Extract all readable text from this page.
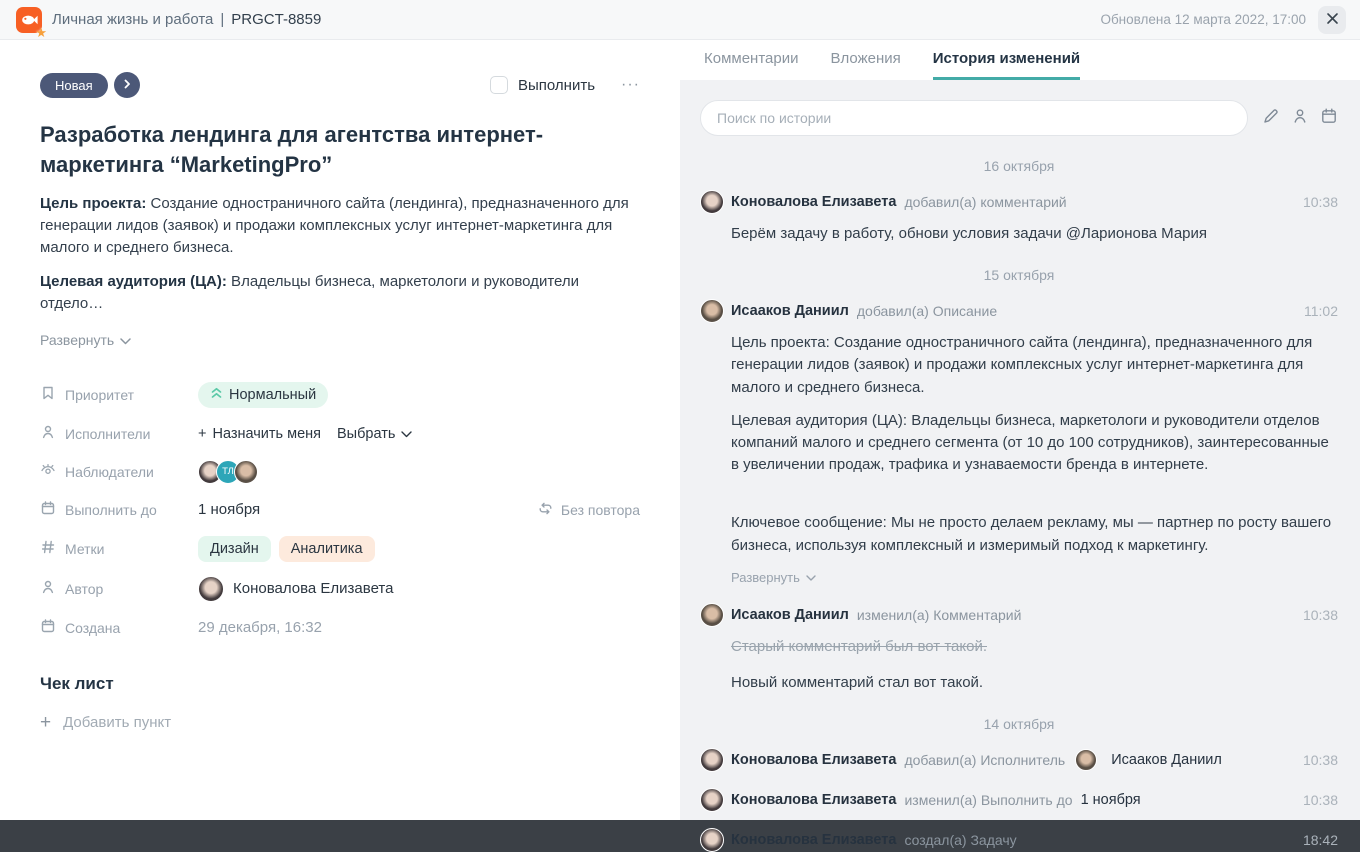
★
Личная жизнь и работа | PRGCT-8859	Обновлена 12 марта 2022, 17:00
Новая	Выполнить ···
Разработка лендинга для агентства интернет-маркетинга “MarketingPro”

Цель проекта: Создание одностраничного сайта (лендинга), предназначенного для генерации лидов (заявок) и продажи комплексных услуг интернет-маркетинга для малого и среднего бизнеса.

Целевая аудитория (ЦА): Владельцы бизнеса, маркетологи и руководители отдело…

Развернуть
Приоритет	Нормальный
Исполнители	+ Назначить меня Выбрать
Наблюдатели	ТЛ
Выполнить до	1 ноября	Без повтора
Метки	Дизайн	Аналитика
Автор	Коновалова Елизавета
Создана	29 декабря, 16:32
Чек лист
+ Добавить пункт
Комментарии Вложения История изменений
Поиск по истории
16 октября
Коновалова Елизавета добавил(а) комментарий	10:38
Берём задачу в работу, обнови условия задачи @Ларионова Мария
15 октября
Исааков Даниил добавил(а) Описание	11:02

Цель проекта: Создание одностраничного сайта (лендинга), предназначенного для генерации лидов (заявок) и продажи комплексных услуг интернет-маркетинга для малого и среднего бизнеса.

Целевая аудитория (ЦА): Владельцы бизнеса, маркетологи и руководители отделов компаний малого и среднего сегмента (от 10 до 100 сотрудников), заинтересованные в увеличении продаж, трафика и узнаваемости бренда в интернете.

Ключевое сообщение: Мы не просто делаем рекламу, мы — партнер по росту вашего бизнеса, используя комплексный и измеримый подход к маркетингу.

Развернуть
Исааков Даниил изменил(а) Комментарий	10:38

Старый комментарий был вот такой.

Новый комментарий стал вот такой.

14 октября
Коновалова Елизавета добавил(а) Исполнитель	Исааков Даниил	10:38
Коновалова Елизавета изменил(а) Выполнить до 1 ноября	10:38
Коновалова Елизавета создал(а) Задачу	18:42
